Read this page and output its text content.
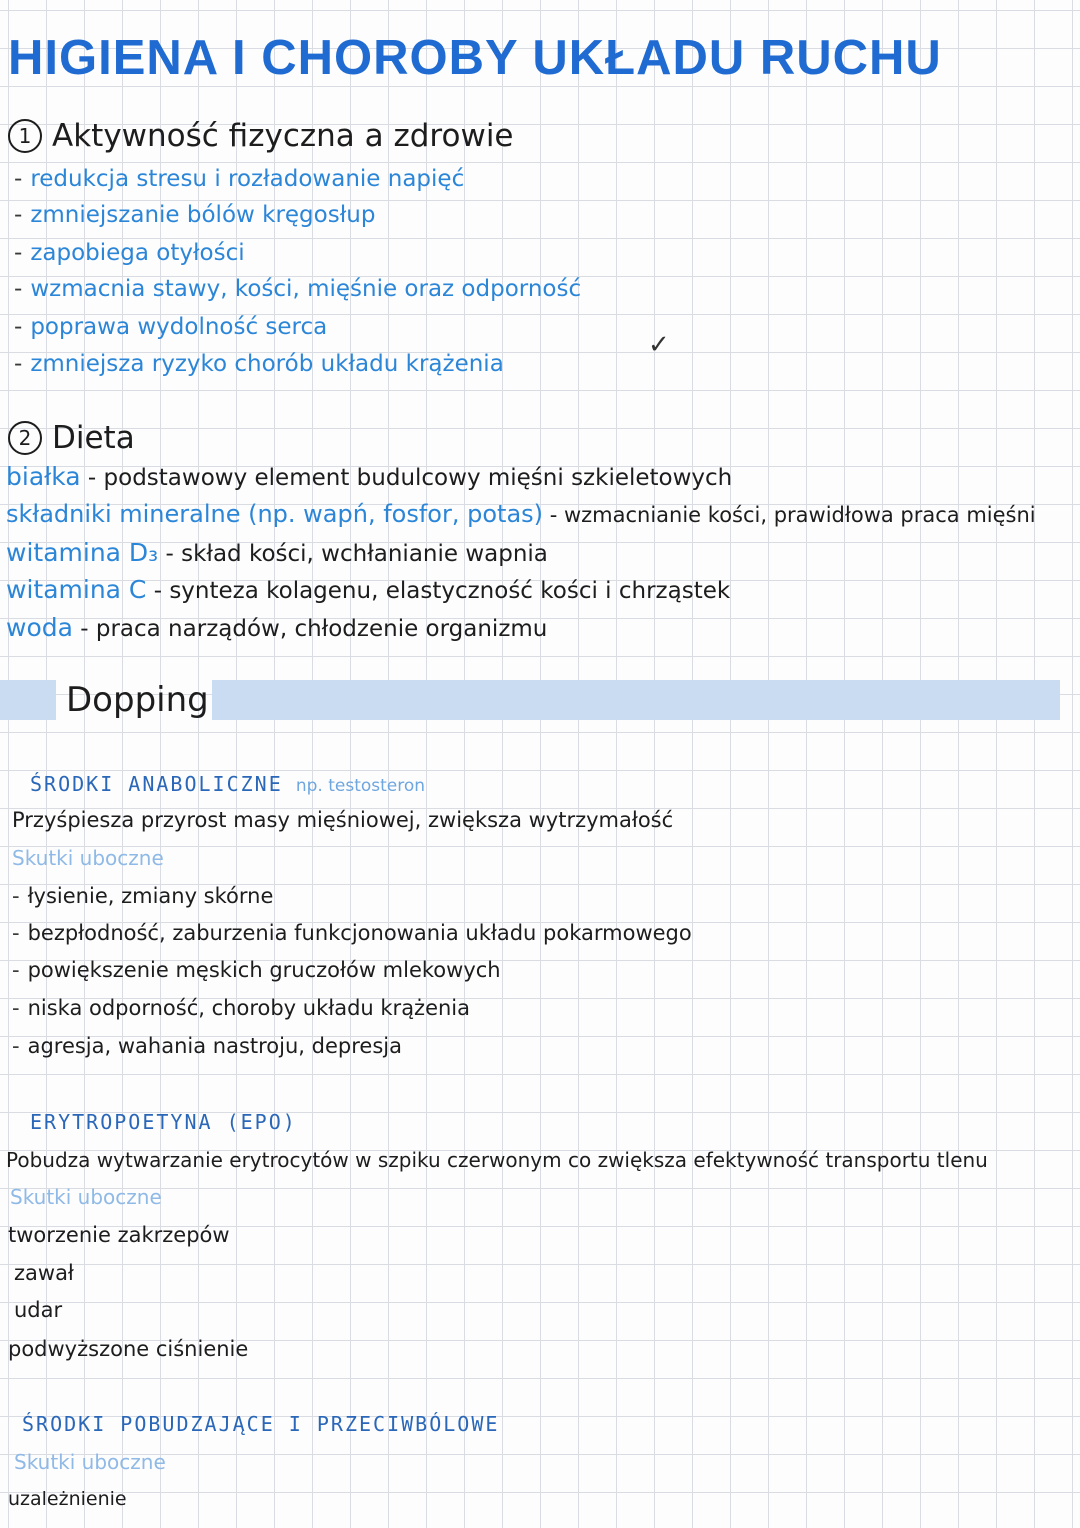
HIGIENA I CHOROBY UKŁADU RUCHU
1 Aktywność fizyczna a zdrowie
- redukcja stresu i rozładowanie napięć
- zmniejszanie bólów kręgosłup
- zapobiega otyłości
- wzmacnia stawy, kości, mięśnie oraz odporność
- poprawa wydolność serca
- zmniejsza ryzyko chorób układu krążenia
✓
2 Dieta
białka - podstawowy element budulcowy mięśni szkieletowych
składniki mineralne (np. wapń, fosfor, potas) - wzmacnianie kości, prawidłowa praca mięśni
witamina D₃ - skład kości, wchłanianie wapnia
witamina C - synteza kolagenu, elastyczność kości i chrząstek
woda - praca narządów, chłodzenie organizmu
Dopping
ŚRODKI ANABOLICZNE np. testosteron
Przyśpiesza przyrost masy mięśniowej, zwiększa wytrzymałość
Skutki uboczne
- łysienie, zmiany skórne
- bezpłodność, zaburzenia funkcjonowania układu pokarmowego
- powiększenie męskich gruczołów mlekowych
- niska odporność, choroby układu krążenia
- agresja, wahania nastroju, depresja
ERYTROPOETYNA (EPO)
Pobudza wytwarzanie erytrocytów w szpiku czerwonym co zwiększa efektywność transportu tlenu
Skutki uboczne
tworzenie zakrzepów
zawał
udar
podwyższone ciśnienie
ŚRODKI POBUDZAJĄCE I PRZECIWBÓLOWE
Skutki uboczne
uzależnienie
